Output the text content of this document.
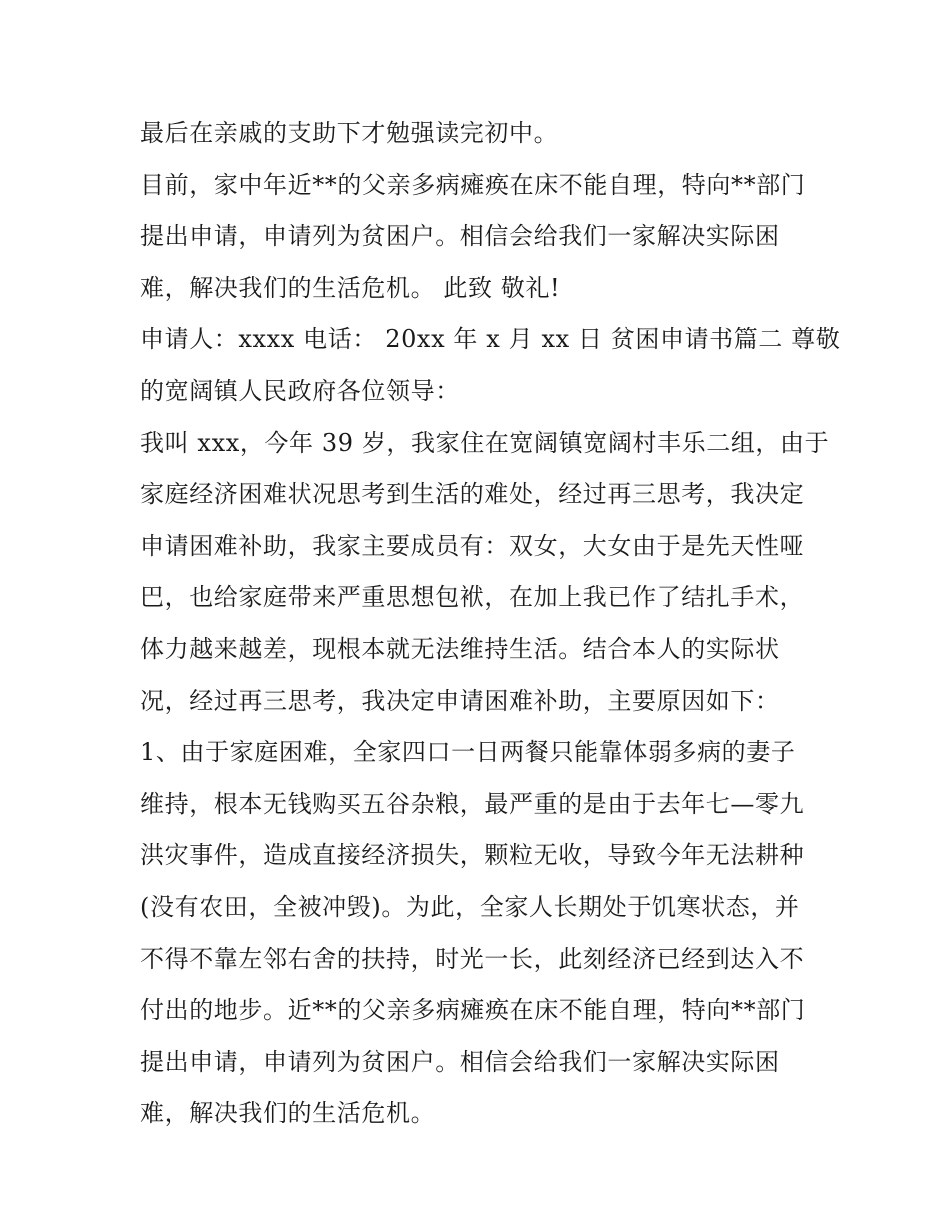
最后在亲戚的支助下才勉强读完初中。
目前，家中年近**的父亲多病瘫痪在床不能自理，特向**部门
提出申请，申请列为贫困户。相信会给我们一家解决实际困
难，解决我们的生活危机。 此致 敬礼!
申请人：xxxx 电话： 20xx 年 x 月 xx 日 贫困申请书篇二 尊敬
的宽阔镇人民政府各位领导：
我叫 xxx，今年 39 岁，我家住在宽阔镇宽阔村丰乐二组，由于
家庭经济困难状况思考到生活的难处，经过再三思考，我决定
申请困难补助，我家主要成员有：双女，大女由于是先天性哑
巴，也给家庭带来严重思想包袱，在加上我已作了结扎手术，
体力越来越差，现根本就无法维持生活。结合本人的实际状
况，经过再三思考，我决定申请困难补助，主要原因如下：
1、由于家庭困难，全家四口一日两餐只能靠体弱多病的妻子
维持，根本无钱购买五谷杂粮，最严重的是由于去年七—零九
洪灾事件，造成直接经济损失，颗粒无收，导致今年无法耕种
(没有农田，全被冲毁)。为此，全家人长期处于饥寒状态，并
不得不靠左邻右舍的扶持，时光一长，此刻经济已经到达入不
付出的地步。近**的父亲多病瘫痪在床不能自理，特向**部门
提出申请，申请列为贫困户。相信会给我们一家解决实际困
难，解决我们的生活危机。
